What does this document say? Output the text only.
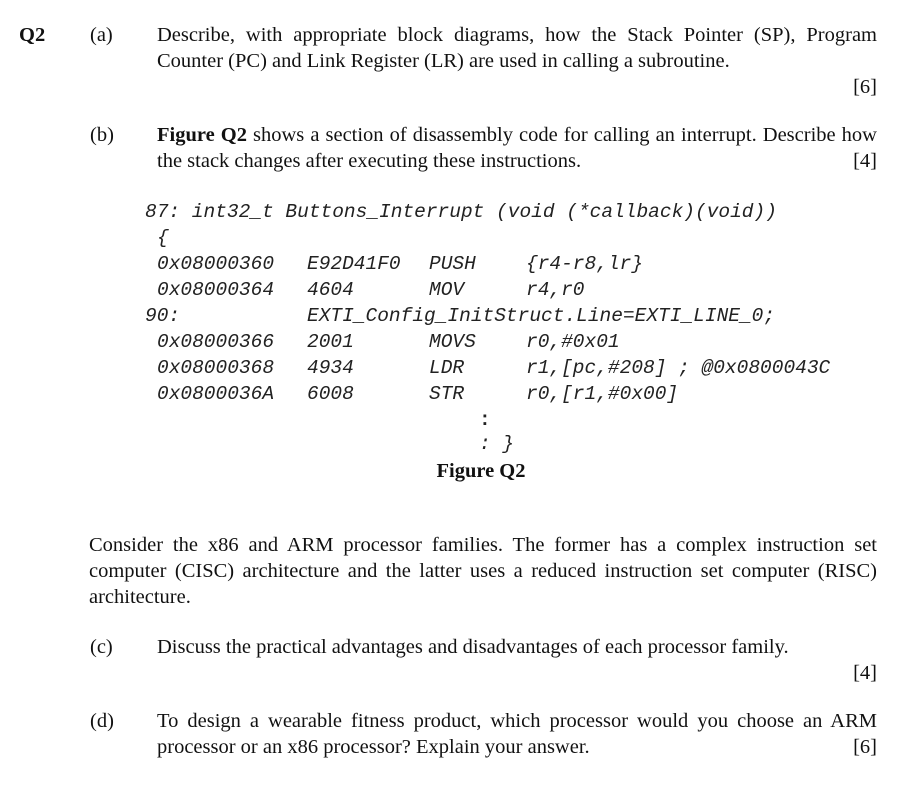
Q2 (a) Describe, with appropriate block diagrams, how the Stack Pointer (SP), Program Counter (PC) and Link Register (LR) are used in calling a subroutine.
[6]
(b) Figure Q2 shows a section of disassembly code for calling an interrupt. Describe how the stack changes after executing these instructions.	[4]
87: int32_t Buttons_Interrupt (void (*callback)(void))
{
0x08000360 E92D41F0 PUSH	{r4-r8,lr}
0x08000364 4604	MOV	r4,r0
90:	EXTI_Config_InitStruct.Line=EXTI_LINE_0;
0x08000366 2001	MOVS	r0,#0x01
0x08000368 4934	LDR	r1,[pc,#208] ; @0x0800043C
0x0800036A 6008	STR	r0,[r1,#0x00]
:
: }
Figure Q2
Consider the x86 and ARM processor families. The former has a complex instruction set computer (CISC) architecture and the latter uses a reduced instruction set computer (RISC) architecture.
(c) Discuss the practical advantages and disadvantages of each processor family.
[4]
(d) To design a wearable fitness product, which processor would you choose an ARM processor or an x86 processor? Explain your answer.	[6]
